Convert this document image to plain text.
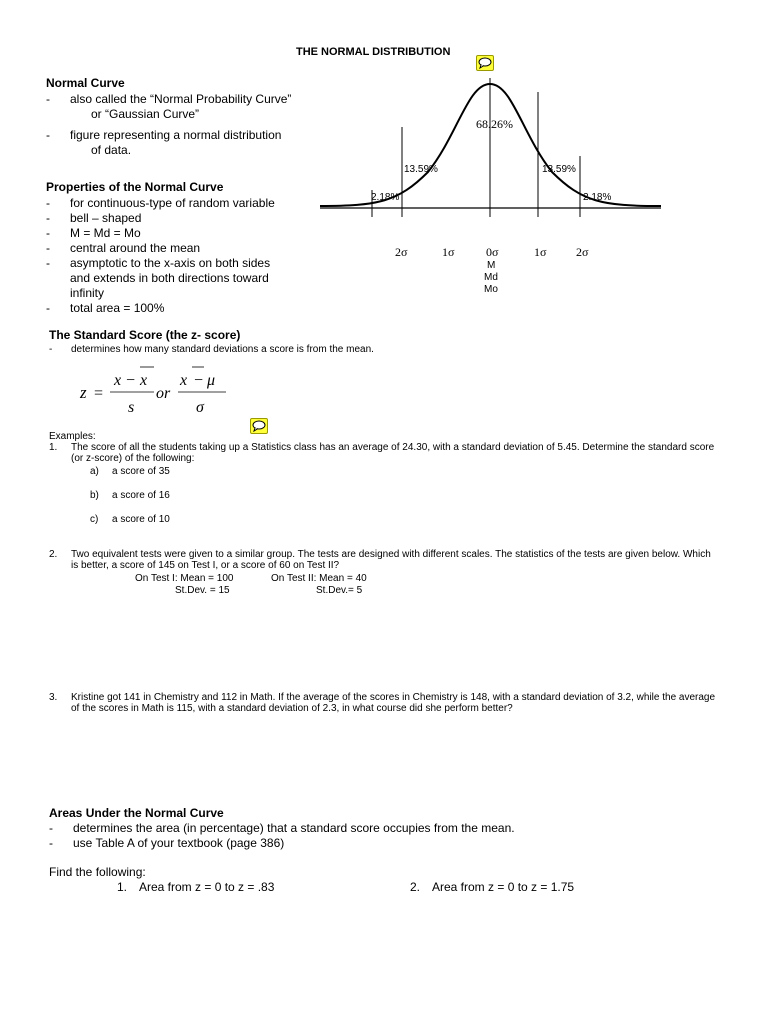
THE NORMAL DISTRIBUTION
Normal Curve
- also called the “Normal Probability Curve”
or “Gaussian Curve”
- figure representing a normal distribution
of data.
Properties of the Normal Curve
- for continuous-type of random variable
- bell – shaped
- M = Md = Mo
- central around the mean
- asymptotic to the x-axis on both sides
and extends in both directions toward
infinity
- total area = 100%
68.26%
13.59%	13.59%
2.18%	2.18%
2σ	1σ	0σ	1σ 2σ
M
Md
Mo
The Standard Score (the z- score)
- determines how many standard deviations a score is from the mean.
z =
x − x
s
or
x − μ
σ
Examples:
1. The score of all the students taking up a Statistics class has an average of 24.30, with a standard deviation of 5.45. Determine the standard score
(or z-score) of the following:
a) a score of 35
b) a score of 16
c) a score of 10
2. Two equivalent tests were given to a similar group. The tests are designed with different scales. The statistics of the tests are given below. Which
is better, a score of 145 on Test I, or a score of 60 on Test II?
On Test I: Mean = 100	On Test II: Mean = 40
St.Dev. = 15	St.Dev.= 5
3. Kristine got 141 in Chemistry and 112 in Math. If the average of the scores in Chemistry is 148, with a standard deviation of 3.2, while the average
of the scores in Math is 115, with a standard deviation of 2.3, in what course did she perform better?
Areas Under the Normal Curve
- determines the area (in percentage) that a standard score occupies from the mean.
- use Table A of your textbook (page 386)
Find the following:
1. Area from z = 0 to z = .83	2. Area from z = 0 to z = 1.75
